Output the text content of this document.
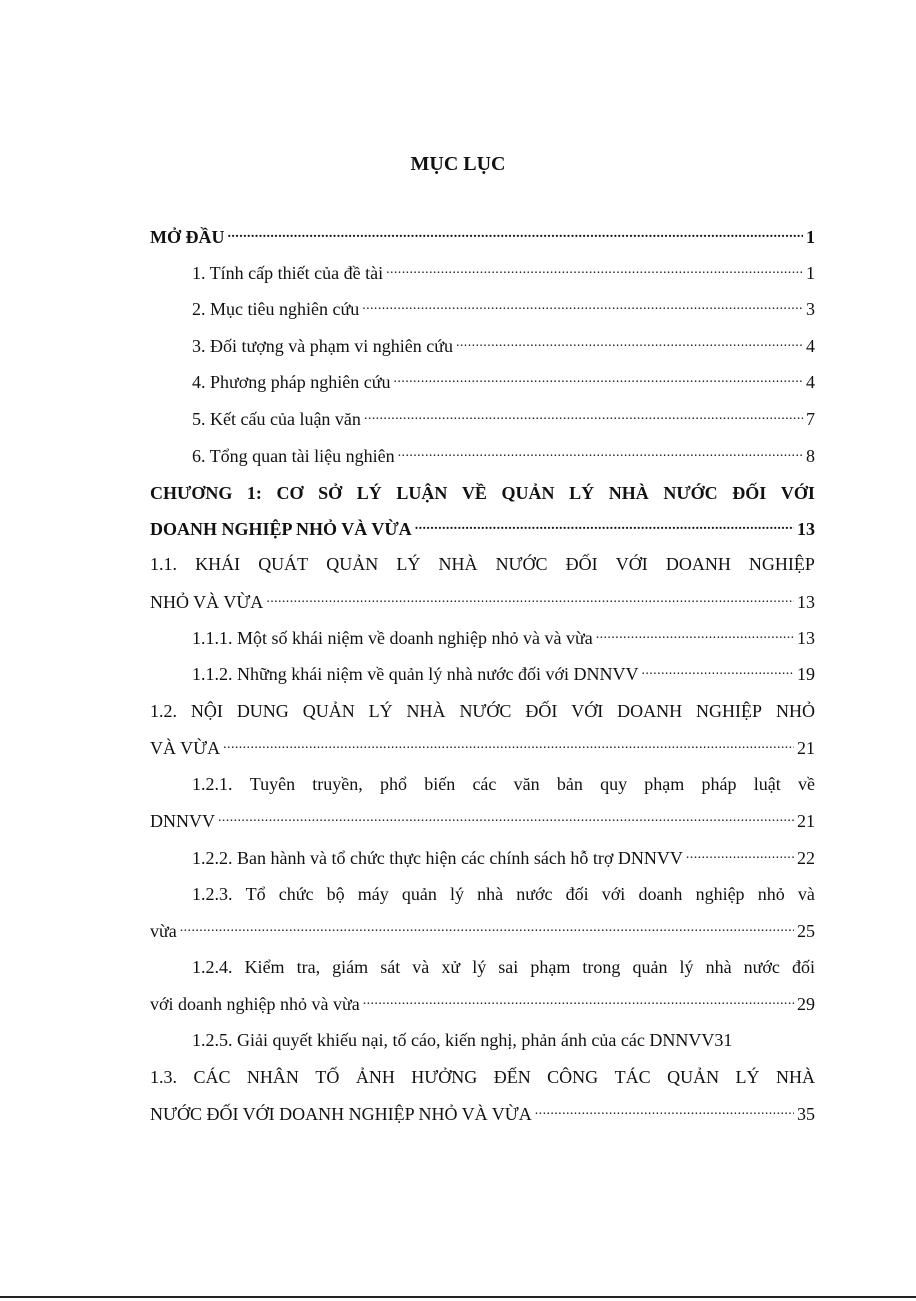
MỤC LỤC
MỞ ĐẦU .....	1
1. Tính cấp thiết của đề tài .....	1
2. Mục tiêu nghiên cứu .....	3
3. Đối tượng và phạm vi nghiên cứu .....	4
4. Phương pháp nghiên cứu .....	4
5. Kết cấu của luận văn .....	7
6. Tổng quan tài liệu nghiên .....	8
CHƯƠNG 1: CƠ SỞ LÝ LUẬN VỀ QUẢN LÝ NHÀ NƯỚC ĐỐI VỚI
DOANH NGHIỆP NHỎ VÀ VỪA .....	13
1.1. KHÁI QUÁT QUẢN LÝ NHÀ NƯỚC ĐỐI VỚI DOANH NGHIỆP
NHỎ VÀ VỪA .....	13
1.1.1. Một số khái niệm về doanh nghiệp nhỏ và và vừa .....	13
1.1.2. Những khái niệm về quản lý nhà nước đối với DNNVV .....	19
1.2. NỘI DUNG QUẢN LÝ NHÀ NƯỚC ĐỐI VỚI DOANH NGHIỆP NHỎ
VÀ VỪA .....	21
1.2.1. Tuyên truyền, phổ biến các văn bản quy phạm pháp luật về
DNNVV .....	21
1.2.2. Ban hành và tổ chức thực hiện các chính sách hỗ trợ DNNVV .....	22
1.2.3. Tổ chức bộ máy quản lý nhà nước đối với doanh nghiệp nhỏ và
vừa .....	25
1.2.4. Kiểm tra, giám sát và xử lý sai phạm trong quản lý nhà nước đối
với doanh nghiệp nhỏ và vừa .....	29
1.2.5. Giải quyết khiếu nại, tố cáo, kiến nghị, phản ánh của các DNNVV31
1.3. CÁC NHÂN TỐ ẢNH HƯỞNG ĐẾN CÔNG TÁC QUẢN LÝ NHÀ
NƯỚC ĐỐI VỚI DOANH NGHIỆP NHỎ VÀ VỪA .....	35
